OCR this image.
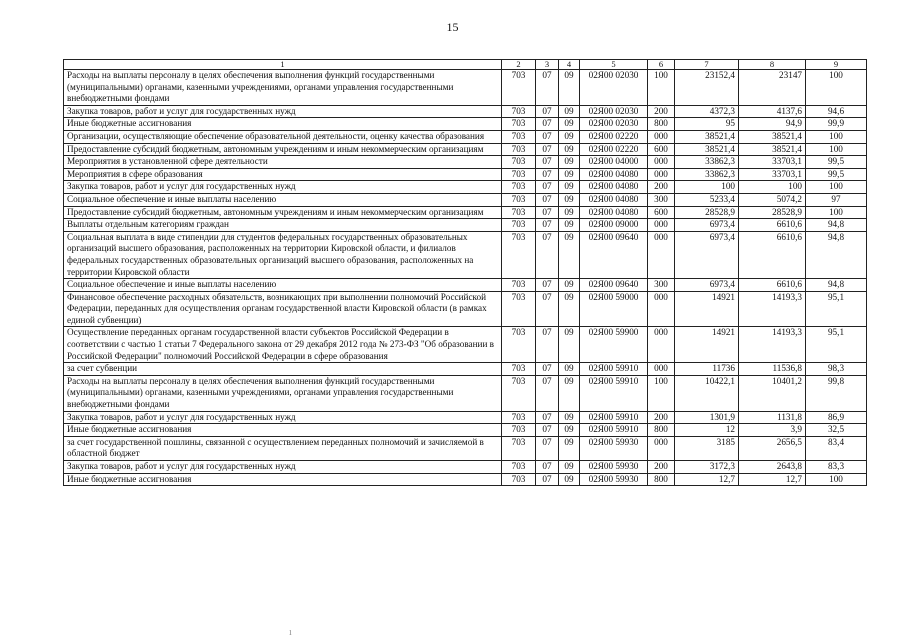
15
1	2	3	4	5	6	7	8	9
Расходы на выплаты персоналу в целях обеспечения выполнения функций государственными (муниципальными) органами, казенными учреждениями, органами управления государственными внебюджетными фондами	703	07	09	02Я00 02030	100	23152,4	23147	100
Закупка товаров, работ и услуг для государственных нужд	703	07	09	02Я00 02030	200	4372,3	4137,6	94,6
Иные бюджетные ассигнования	703	07	09	02Я00 02030	800	95	94,9	99,9
Организации, осуществляющие обеспечение образовательной деятельности, оценку качества образования	703	07	09	02Я00 02220	000	38521,4	38521,4	100
Предоставление субсидий бюджетным, автономным учреждениям и иным некоммерческим организациям	703	07	09	02Я00 02220	600	38521,4	38521,4	100
Мероприятия в установленной сфере деятельности	703	07	09	02Я00 04000	000	33862,3	33703,1	99,5
Мероприятия в сфере образования	703	07	09	02Я00 04080	000	33862,3	33703,1	99,5
Закупка товаров, работ и услуг для государственных нужд	703	07	09	02Я00 04080	200	100	100	100
Социальное обеспечение и иные выплаты населению	703	07	09	02Я00 04080	300	5233,4	5074,2	97
Предоставление субсидий бюджетным, автономным учреждениям и иным некоммерческим организациям	703	07	09	02Я00 04080	600	28528,9	28528,9	100
Выплаты отдельным категориям граждан	703	07	09	02Я00 09000	000	6973,4	6610,6	94,8
Социальная выплата в виде стипендии для студентов федеральных государственных образовательных организаций высшего образования, расположенных на территории Кировской области, и филиалов федеральных государственных образовательных организаций высшего образования, расположенных на территории Кировской области	703	07	09	02Я00 09640	000	6973,4	6610,6	94,8
Социальное обеспечение и иные выплаты населению	703	07	09	02Я00 09640	300	6973,4	6610,6	94,8
Финансовое обеспечение расходных обязательств, возникающих при выполнении полномочий Российской Федерации, переданных для осуществления органам государственной власти Кировской области (в рамках единой субвенции)	703	07	09	02Я00 59000	000	14921	14193,3	95,1
Осуществление переданных органам государственной власти субъектов Российской Федерации в соответствии с частью 1 статьи 7 Федерального закона от 29 декабря 2012 года № 273-ФЗ "Об образовании в Российской Федерации" полномочий Российской Федерации в сфере образования	703	07	09	02Я00 59900	000	14921	14193,3	95,1
за счет субвенции	703	07	09	02Я00 59910	000	11736	11536,8	98,3
Расходы на выплаты персоналу в целях обеспечения выполнения функций государственными (муниципальными) органами, казенными учреждениями, органами управления государственными внебюджетными фондами	703	07	09	02Я00 59910	100	10422,1	10401,2	99,8
Закупка товаров, работ и услуг для государственных нужд	703	07	09	02Я00 59910	200	1301,9	1131,8	86,9
Иные бюджетные ассигнования	703	07	09	02Я00 59910	800	12	3,9	32,5
за счет государственной пошлины, связанной с осуществлением переданных полномочий и зачисляемой в областной бюджет	703	07	09	02Я00 59930	000	3185	2656,5	83,4
Закупка товаров, работ и услуг для государственных нужд	703	07	09	02Я00 59930	200	3172,3	2643,8	83,3
Иные бюджетные ассигнования	703	07	09	02Я00 59930	800	12,7	12,7	100
ı
